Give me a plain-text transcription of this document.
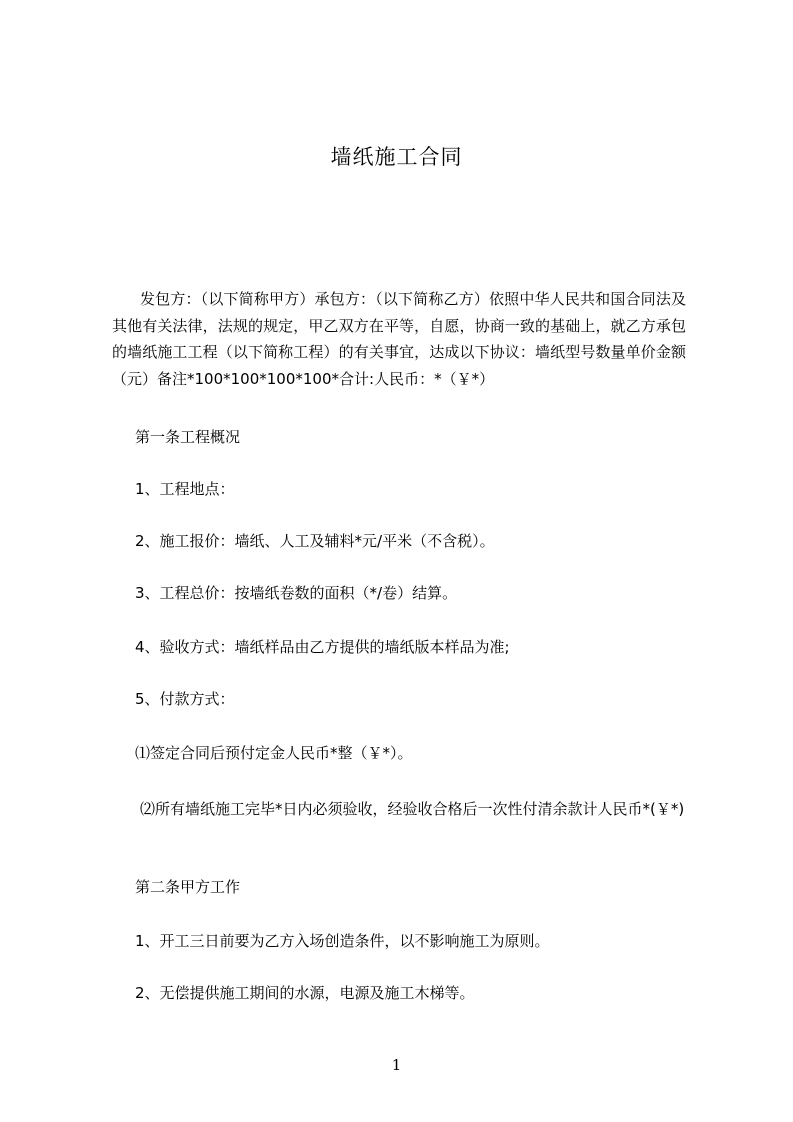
墙纸施工合同

发包方：（以下简称甲方）承包方：（以下简称乙方）依照中华人民共和国合同法及其他有关法律，法规的规定，甲乙双方在平等，自愿，协商一致的基础上，就乙方承包的墙纸施工工程（以下简称工程）的有关事宜，达成以下协议：墙纸型号数量单价金额（元）备注*100*100*100*100*合计:人民币：*（￥*）

第一条工程概况

1、工程地点：

2、施工报价：墙纸、人工及辅料*元/平米（不含税）。

3、工程总价：按墙纸卷数的面积（*/卷）结算。

4、验收方式：墙纸样品由乙方提供的墙纸版本样品为准;

5、付款方式：

⑴签定合同后预付定金人民币*整（￥*）。

⑵所有墙纸施工完毕*日内必须验收，经验收合格后一次性付清余款计人民币*(￥*)

第二条甲方工作

1、开工三日前要为乙方入场创造条件，以不影响施工为原则。

2、无偿提供施工期间的水源，电源及施工木梯等。

1
